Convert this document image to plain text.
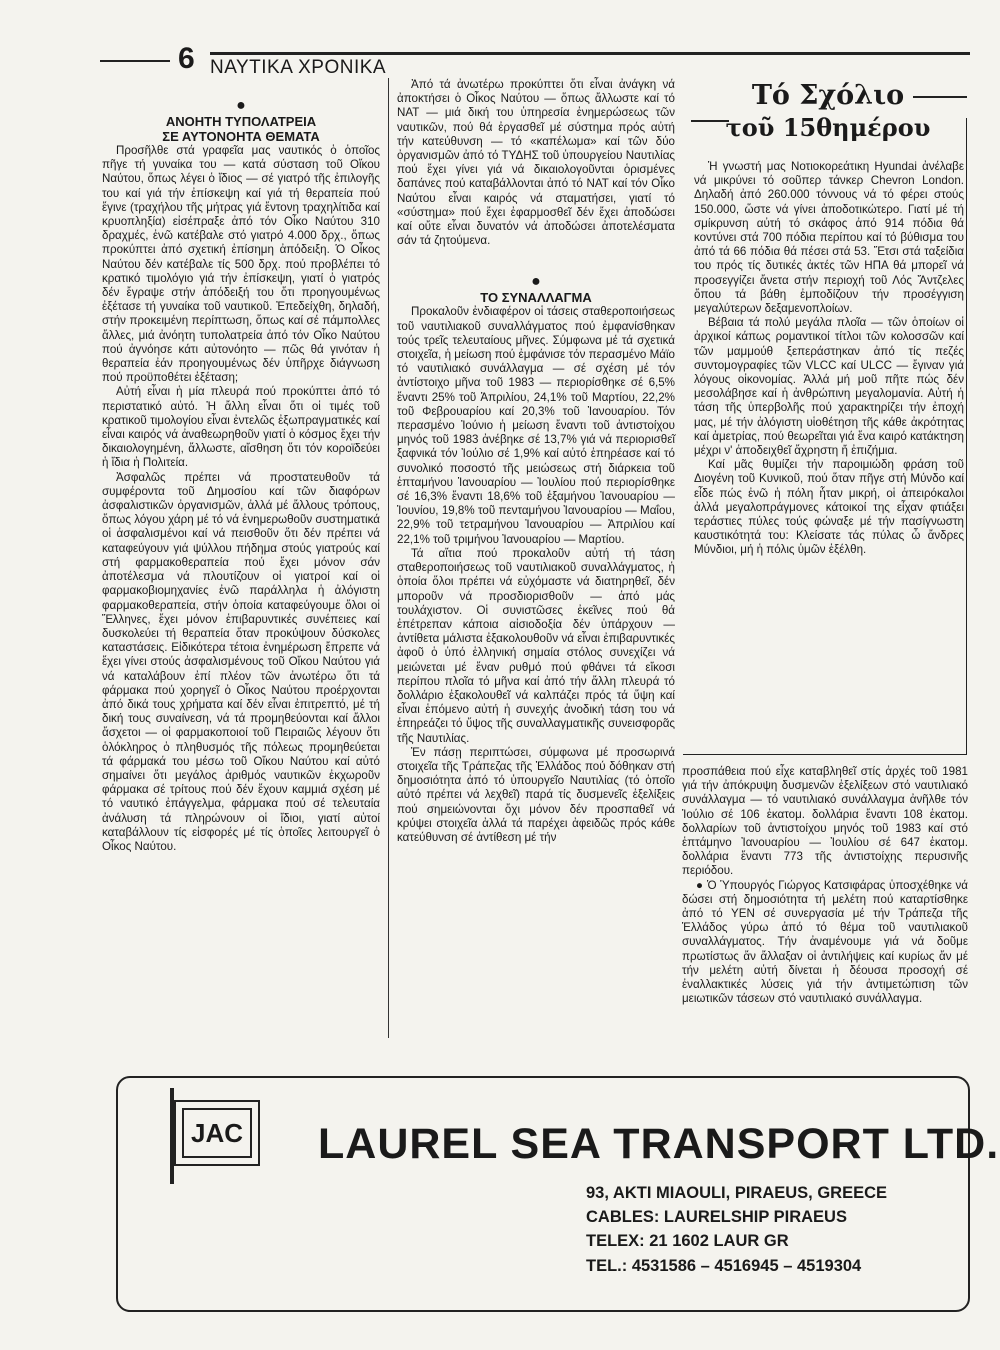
6 ΝΑΥΤΙΚΑ ΧΡΟΝΙΚΑ

●

ΑΝΟΗΤΗ ΤΥΠΟΛΑΤΡΕΙΑ

ΣΕ ΑΥΤΟΝΟΗΤΑ ΘΕΜΑΤΑ

Προσῆλθε στά γραφεῖα μας ναυτικός ὁ ὁποῖος πῆγε τή γυναίκα του — κατά σύσταση τοῦ Οἴκου Ναύτου, ὅπως λέγει ὁ ἴδιος — σέ γιατρό τῆς ἐπιλογῆς του καί γιά τήν ἐπίσκεψη καί γιά τή θεραπεία πού ἔγινε (τραχήλου τῆς μήτρας γιά ἔντονη τραχηλίτιδα καί κρυοπληξία) εἰσέπραξε ἀπό τόν Οἶκο Ναύτου 310 δραχμές, ἐνῶ κατέβαλε στό γιατρό 4.000 δρχ., ὅπως προκύπτει ἀπό σχετική ἐπίσημη ἀπόδειξη. Ὁ Οἶκος Ναύτου δέν κατέβαλε τίς 500 δρχ. πού προβλέπει τό κρατικό τιμολόγιο γιά τήν ἐπίσκεψη, γιατί ὁ γιατρός δέν ἔγραψε στήν ἀπόδειξή του ὅτι προηγουμένως ἐξέτασε τή γυναίκα τοῦ ναυτικοῦ. Ἐπεδείχθη, δηλαδή, στήν προκειμένη περίπτωση, ὅπως καί σέ πάμπολλες ἄλλες, μιά ἀνόητη τυπολατρεία ἀπό τόν Οἶκο Ναύτου πού ἀγνόησε κάτι αὐτονόητο — πῶς θά γινόταν ἡ θεραπεία ἐάν προηγουμένως δέν ὑπῆρχε διάγνωση πού προϋποθέτει ἐξέταση;

Αὐτή εἶναι ἡ μία πλευρά πού προκύπτει ἀπό τό περιστατικό αὐτό. Ἡ ἄλλη εἶναι ὅτι οἱ τιμές τοῦ κρατικοῦ τιμολογίου εἶναι ἐντελῶς ἐξωπραγματικές καί εἶναι καιρός νά ἀναθεωρηθοῦν γιατί ὁ κόσμος ἔχει τήν δικαιολογημένη, ἄλλωστε, αἴσθηση ὅτι τόν κοροϊδεύει ἡ ἴδια ἡ Πολιτεία.

Ἀσφαλῶς πρέπει νά προστατευθοῦν τά συμφέροντα τοῦ Δημοσίου καί τῶν διαφόρων ἀσφαλιστικῶν ὀργανισμῶν, ἀλλά μέ ἄλλους τρόπους, ὅπως λόγου χάρη μέ τό νά ἐνημερωθοῦν συστηματικά οἱ ἀσφαλισμένοι καί νά πεισθοῦν ὅτι δέν πρέπει νά καταφεύγουν γιά ψύλλου πήδημα στούς γιατρούς καί στή φαρμακοθεραπεία πού ἔχει μόνον σάν ἀποτέλεσμα νά πλουτίζουν οἱ γιατροί καί οἱ φαρμακοβιομηχανίες ἐνῶ παράλληλα ἡ ἀλόγιστη φαρμακοθεραπεία, στήν ὁποία καταφεύγουμε ὅλοι οἱ Ἕλληνες, ἔχει μόνον ἐπιβαρυντικές συνέπειες καί δυσκολεύει τή θεραπεία ὅταν προκύψουν δύσκολες καταστάσεις. Εἰδικότερα τέτοια ἐνημέρωση ἔπρεπε νά ἔχει γίνει στούς ἀσφαλισμένους τοῦ Οἴκου Ναύτου γιά νά καταλάβουν ἐπί πλέον τῶν ἀνωτέρω ὅτι τά φάρμακα πού χορηγεῖ ὁ Οἶκος Ναύτου προέρχονται ἀπό δικά τους χρήματα καί δέν εἶναι ἐπιτρεπτό, μέ τή δική τους συναίνεση, νά τά προμηθεύονται καί ἄλλοι ἄσχετοι — οἱ φαρμακοποιοί τοῦ Πειραιῶς λέγουν ὅτι ὁλόκληρος ὁ πληθυσμός τῆς πόλεως προμηθεύεται τά φάρμακά του μέσω τοῦ Οἴκου Ναύτου καί αὐτό σημαίνει ὅτι μεγάλος ἀριθμός ναυτικῶν ἐκχωροῦν φάρμακα σέ τρίτους πού δέν ἔχουν καμμιά σχέση μέ τό ναυτικό ἐπάγγελμα, φάρμακα πού σέ τελευταία ἀνάλυση τά πληρώνουν οἱ ἴδιοι, γιατί αὐτοί καταβάλλουν τίς εἰσφορές μέ τίς ὁποῖες λειτουργεῖ ὁ Οἶκος Ναύτου.

Ἀπό τά ἀνωτέρω προκύπτει ὅτι εἶναι ἀνάγκη νά ἀποκτήσει ὁ Οἶκος Ναύτου — ὅπως ἄλλωστε καί τό ΝΑΤ — μιά δική του ὑπηρεσία ἐνημερώσεως τῶν ναυτικῶν, πού θά ἐργασθεῖ μέ σύστημα πρός αὐτή τήν κατεύθυνση — τό «καπέλωμα» καί τῶν δύο ὀργανισμῶν ἀπό τό ΤΥΔΗΣ τοῦ ὑπουργείου Ναυτιλίας πού ἔχει γίνει γιά νά δικαιολογοῦνται ὁρισμένες δαπάνες πού καταβάλλονται ἀπό τό ΝΑΤ καί τόν Οἶκο Ναύτου εἶναι καιρός νά σταματήσει, γιατί τό «σύστημα» πού ἔχει ἐφαρμοσθεῖ δέν ἔχει ἀποδώσει καί οὔτε εἶναι δυνατόν νά ἀποδώσει ἀποτελέσματα σάν τά ζητούμενα.

●

ΤΟ ΣΥΝΑΛΛΑΓΜΑ

Προκαλοῦν ἐνδιαφέρον οἱ τάσεις σταθεροποιήσεως τοῦ ναυτιλιακοῦ συναλλάγματος πού ἐμφανίσθηκαν τούς τρεῖς τελευταίους μῆνες. Σύμφωνα μέ τά σχετικά στοιχεῖα, ἡ μείωση πού ἐμφάνισε τόν περασμένο Μάϊο τό ναυτιλιακό συνάλλαγμα — σέ σχέση μέ τόν ἀντίστοιχο μῆνα τοῦ 1983 — περιορίσθηκε σέ 6,5% ἔναντι 25% τοῦ Ἀπριλίου, 24,1% τοῦ Μαρτίου, 22,2% τοῦ Φεβρουαρίου καί 20,3% τοῦ Ἰανουαρίου. Τόν περασμένο Ἰούνιο ἡ μείωση ἔναντι τοῦ ἀντιστοίχου μηνός τοῦ 1983 ἀνέβηκε σέ 13,7% γιά νά περιορισθεῖ ξαφνικά τόν Ἰούλιο σέ 1,9% καί αὐτό ἐπηρέασε καί τό συνολικό ποσοστό τῆς μειώσεως στή διάρκεια τοῦ ἑπταμήνου Ἰανουαρίου — Ἰουλίου πού περιορίσθηκε σέ 16,3% ἔναντι 18,6% τοῦ ἑξαμήνου Ἰανουαρίου — Ἰουνίου, 19,8% τοῦ πενταμήνου Ἰανουαρίου — Μαΐου, 22,9% τοῦ τετραμήνου Ἰανουαρίου — Ἀπριλίου καί 22,1% τοῦ τριμήνου Ἰανουαρίου — Μαρτίου.

Τά αἴτια πού προκαλοῦν αὐτή τή τάση σταθεροποιήσεως τοῦ ναυτιλιακοῦ συναλλάγματος, ἡ ὁποία ὅλοι πρέπει νά εὐχόμαστε νά διατηρηθεῖ, δέν μποροῦν νά προσδιορισθοῦν — ἀπό μάς τουλάχιστον. Οἱ συνιστῶσες ἐκεῖνες πού θά ἐπέτρεπαν κάποια αἰσιοδοξία δέν ὑπάρχουν — ἀντίθετα μάλιστα ἐξακολουθοῦν νά εἶναι ἐπιβαρυντικές ἀφοῦ ὁ ὑπό ἑλληνική σημαία στόλος συνεχίζει νά μειώνεται μέ ἕναν ρυθμό πού φθάνει τά εἴκοσι περίπου πλοῖα τό μῆνα καί ἀπό τήν ἄλλη πλευρά τό δολλάριο ἐξακολουθεῖ νά καλπάζει πρός τά ὕψη καί εἶναι ἑπόμενο αὐτή ἡ συνεχής ἀνοδική τάση του νά ἐπηρεάζει τό ὕψος τῆς συναλλαγματικῆς συνεισφορᾶς τῆς Ναυτιλίας.

Ἐν πάσῃ περιπτώσει, σύμφωνα μέ προσωρινά στοιχεῖα τῆς Τράπεζας τῆς Ἑλλάδος πού δόθηκαν στή δημοσιότητα ἀπό τό ὑπουργεῖο Ναυτιλίας (τό ὁποῖο αὐτό πρέπει νά λεχθεῖ) παρά τίς δυσμενεῖς ἐξελίξεις πού σημειώνονται ὄχι μόνον δέν προσπαθεῖ νά κρύψει στοιχεῖα ἀλλά τά παρέχει ἀφειδῶς πρός κάθε κατεύθυνση σέ ἀντίθεση μέ τήν

Τό Σχόλιο
τοῦ 15θημέρου

Ἡ γνωστή μας Νοτιοκορεάτικη Hyundai ἀνέλαβε νά μικρύνει τό σοῦπερ τάνκερ Chevron London. Δηλαδή ἀπό 260.000 τόννους νά τό φέρει στούς 150.000, ὥστε νά γίνει ἀποδοτικώτερο. Γιατί μέ τή σμίκρυνση αὐτή τό σκάφος ἀπό 914 πόδια θά κοντύνει στά 700 πόδια περίπου καί τό βύθισμα του ἀπό τά 66 πόδια θά πέσει στά 53. Ἔτσι στά ταξείδια του πρός τίς δυτικές ἀκτές τῶν ΗΠΑ θά μπορεῖ νά προσεγγίζει ἄνετα στήν περιοχή τοῦ Λός Ἄντζελες ὅπου τά βάθη ἐμποδίζουν τήν προσέγγιση μεγαλύτερων δεξαμενοπλοίων.

Βέβαια τά πολύ μεγάλα πλοῖα — τῶν ὁποίων οἱ ἀρχικοί κάπως ρομαντικοί τίτλοι τῶν κολοσσῶν καί τῶν μαμμούθ ξεπεράστηκαν ἀπό τίς πεζές συντομογραφίες τῶν VLCC καί ULCC — ἔγιναν γιά λόγους οἰκονομίας. Ἀλλά μή μοῦ πῆτε πώς δέν μεσολάβησε καί ἡ ἀνθρώπινη μεγαλομανία. Αὐτή ἡ τάση τῆς ὑπερβολῆς πού χαρακτηρίζει τήν ἐποχή μας, μέ τήν ἀλόγιστη υἱοθέτηση τῆς κάθε ἀκρότητας καί ἀμετρίας, πού θεωρεῖται γιά ἕνα καιρό κατάκτηση μέχρι ν' ἀποδειχθεῖ ἄχρηστη ἤ ἐπιζήμια.

Καί μᾶς θυμίζει τήν παροιμιώδη φράση τοῦ Διογένη τοῦ Κυνικοῦ, πού ὅταν πῆγε στή Μύνδο καί εἶδε πώς ἐνῶ ἡ πόλη ἦταν μικρή, οἱ ἀπειρόκαλοι ἀλλά μεγαλοπράγμονες κάτοικοί της εἶχαν φτιάξει τεράστιες πύλες τούς φώναξε μέ τήν πασίγνωστη καυστικότητά του: Κλείσατε τάς πύλας ὦ ἄνδρες Μύνδιοι, μή ἡ πόλις ὑμῶν ἐξέλθη.

προσπάθεια πού εἶχε καταβληθεῖ στίς ἀρχές τοῦ 1981 γιά τήν ἀπόκρυψη δυσμενῶν ἐξελίξεων στό ναυτιλιακό συνάλλαγμα — τό ναυτιλιακό συνάλλαγμα ἀνῆλθε τόν Ἰούλιο σέ 106 ἑκατομ. δολλάρια ἔναντι 108 ἑκατομ. δολλαρίων τοῦ ἀντιστοίχου μηνός τοῦ 1983 καί στό ἑπτάμηνο Ἰανουαρίου — Ἰουλίου σέ 647 ἑκατομ. δολλάρια ἔναντι 773 τῆς ἀντιστοίχης περυσινῆς περιόδου.

● Ὁ Ὑπουργός Γιώργος Κατσιφάρας ὑποσχέθηκε νά δώσει στή δημοσιότητα τή μελέτη πού καταρτίσθηκε ἀπό τό ΥΕΝ σέ συνεργασία μέ τήν Τράπεζα τῆς Ἑλλάδος γύρω ἀπό τό θέμα τοῦ ναυτιλιακοῦ συναλλάγματος. Τήν ἀναμένουμε γιά νά δοῦμε πρωτίστως ἄν ἄλλαξαν οἱ ἀντιλήψεις καί κυρίως ἄν μέ τήν μελέτη αὐτή δίνεται ἡ δέουσα προσοχή σέ ἐναλλακτικές λύσεις γιά τήν ἀντιμετώπιση τῶν μειωτικῶν τάσεων στό ναυτιλιακό συνάλλαγμα.

JAC LAUREL SEA TRANSPORT LTD.
93, AKTI MIAOULI, PIRAEUS, GREECE
CABLES: LAURELSHIP PIRAEUS
TELEX: 21 1602 LAUR GR
TEL.: 4531586 – 4516945 – 4519304
